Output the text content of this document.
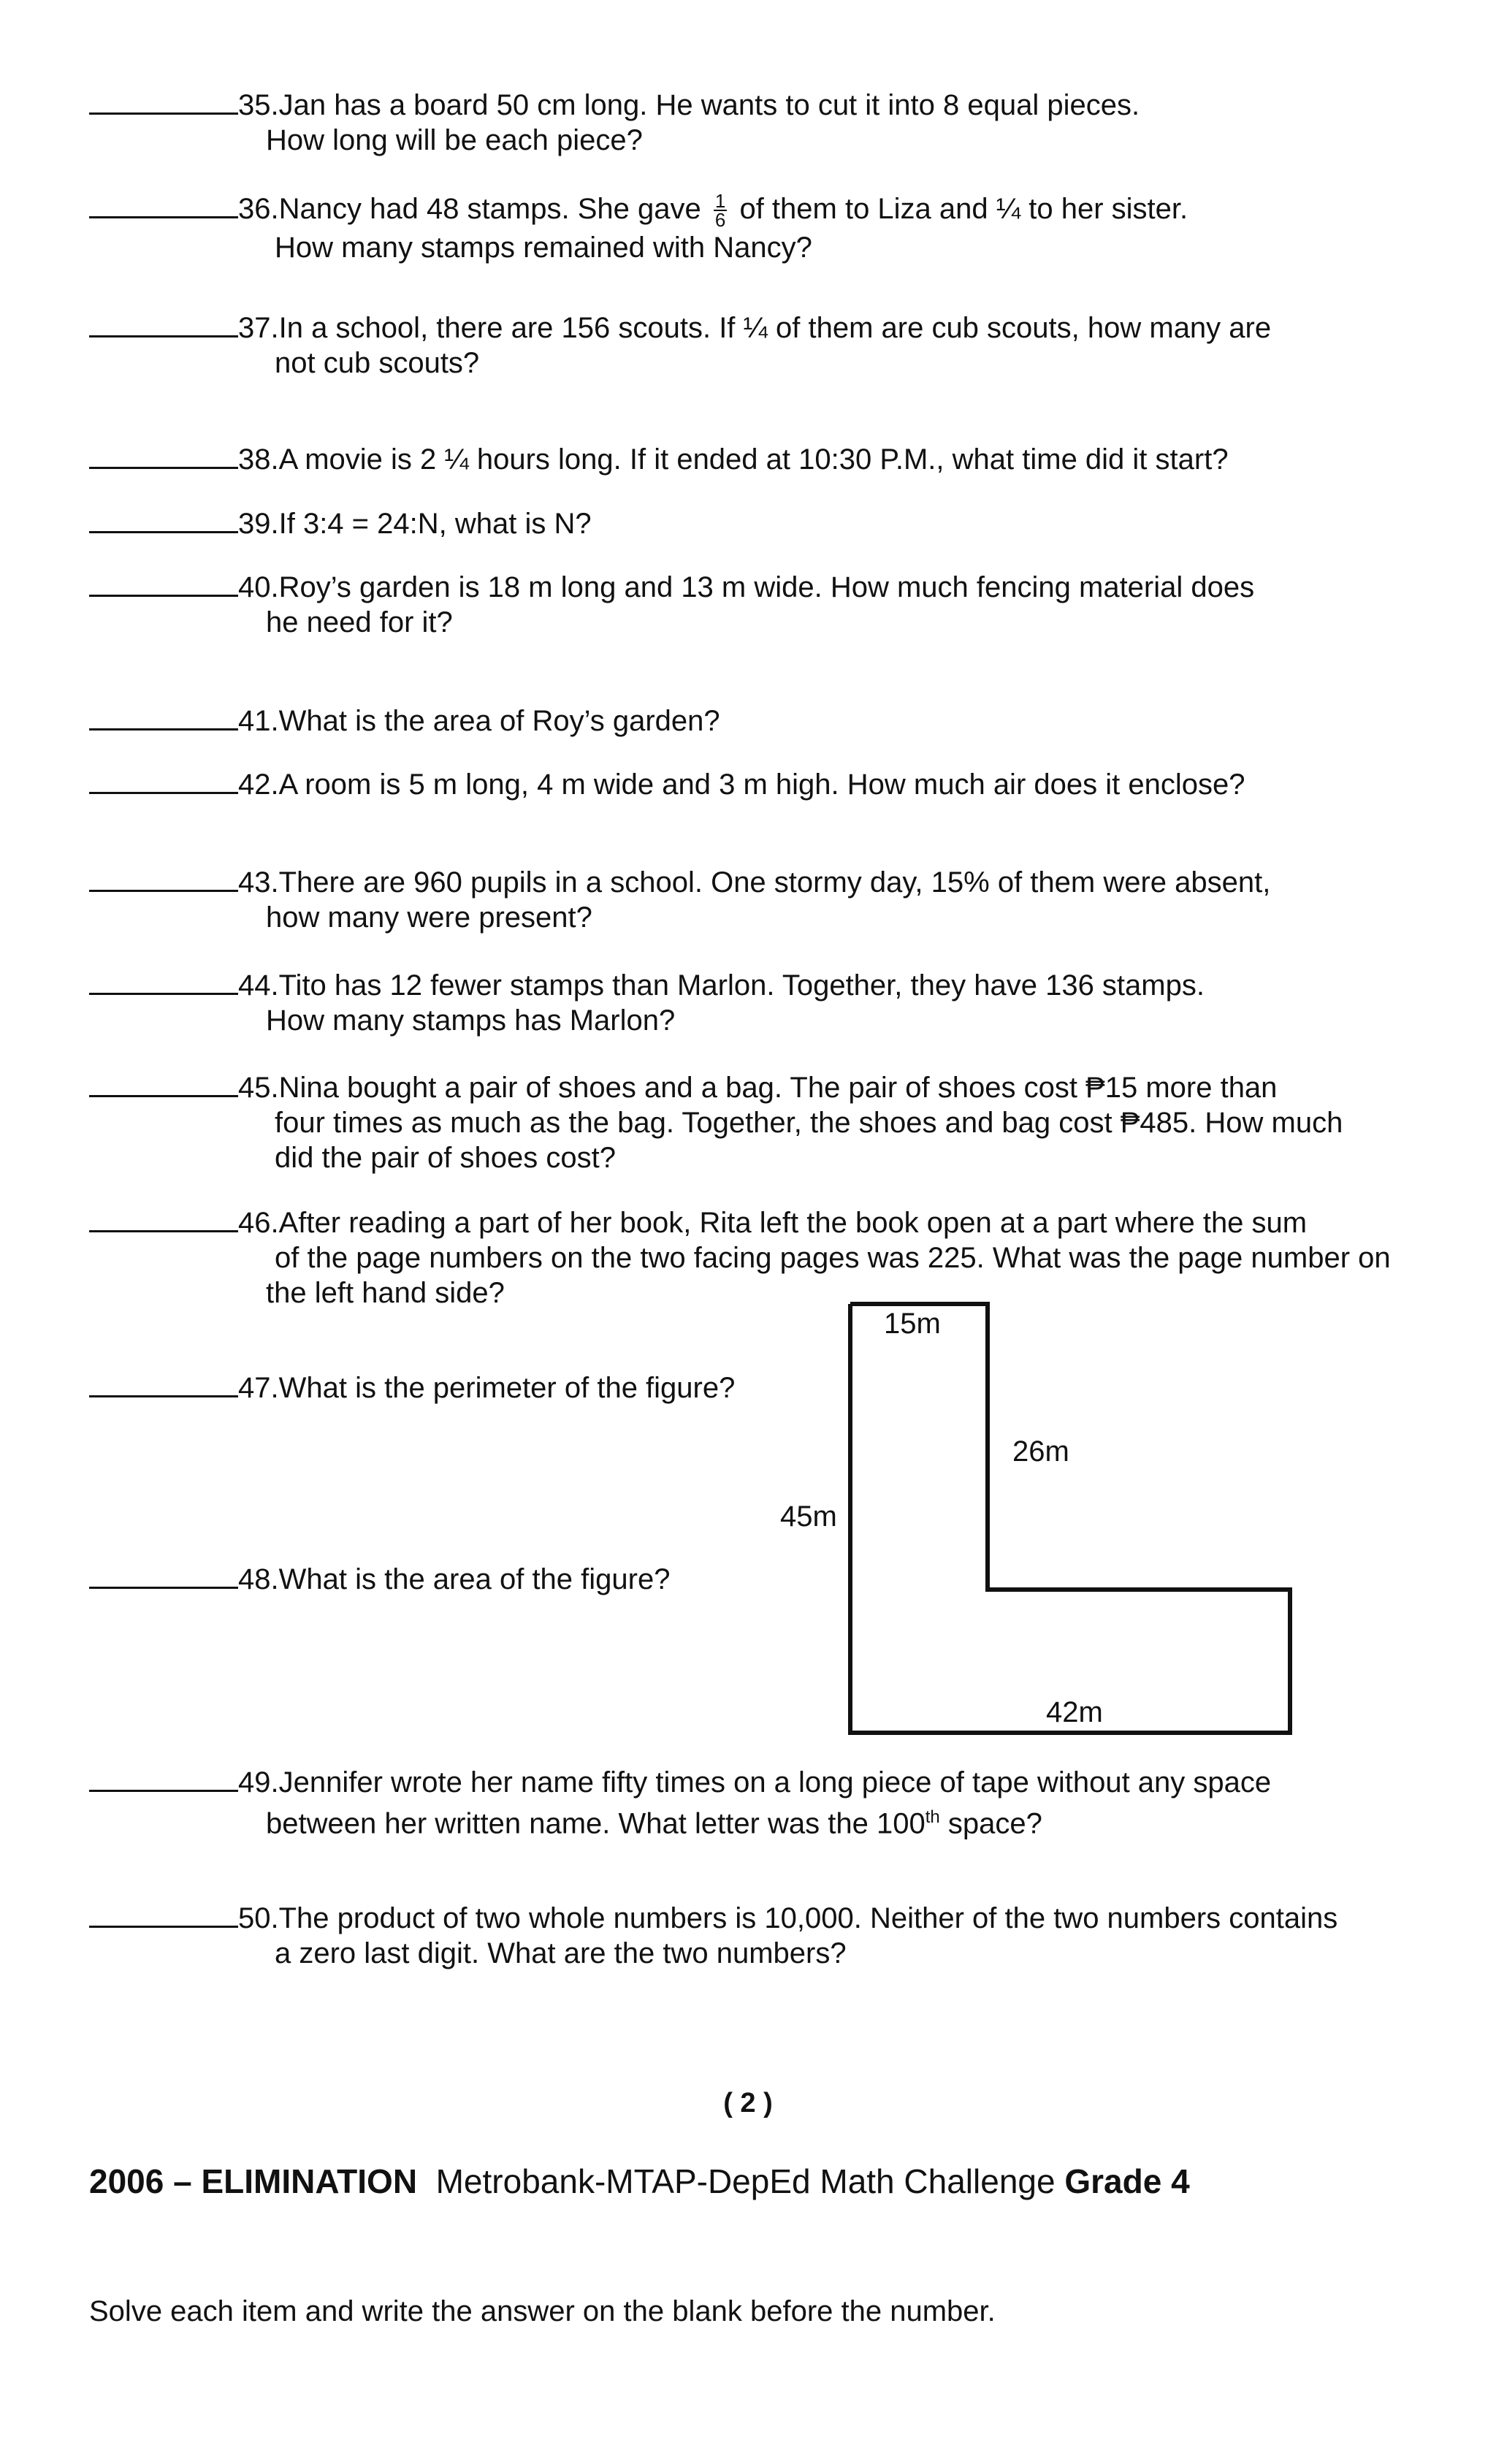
35.Jan has a board 50 cm long. He wants to cut it into 8 equal pieces.
How long will be each piece?
36.Nancy had 48 stamps. She gave $\frac{1}{6}$ of them to Liza and ¼ to her sister.
How many stamps remained with Nancy?
37.In a school, there are 156 scouts. If ¼ of them are cub scouts, how many are
not cub scouts?
38.A movie is 2 ¼ hours long. If it ended at 10:30 P.M., what time did it start?
39.If 3:4 = 24:N, what is N?
40.Roy’s garden is 18 m long and 13 m wide. How much fencing material does
he need for it?
41.What is the area of Roy’s garden?
42.A room is 5 m long, 4 m wide and 3 m high. How much air does it enclose?
43.There are 960 pupils in a school. One stormy day, 15% of them were absent,
how many were present?
44.Tito has 12 fewer stamps than Marlon. Together, they have 136 stamps.
How many stamps has Marlon?
45.Nina bought a pair of shoes and a bag. The pair of shoes cost ₱15 more than
four times as much as the bag. Together, the shoes and bag cost ₱485. How much
did the pair of shoes cost?
46.After reading a part of her book, Rita left the book open at a part where the sum
of the page numbers on the two facing pages was 225. What was the page number on
the left hand side?
47.What is the perimeter of the figure?
48.What is the area of the figure?
15m
26m
45m
42m
49.Jennifer wrote her name fifty times on a long piece of tape without any space
between her written name. What letter was the 100th space?
50.The product of two whole numbers is 10,000. Neither of the two numbers contains
a zero last digit. What are the two numbers?
( 2 )
2006 – ELIMINATION Metrobank-MTAP-DepEd Math Challenge Grade 4
Solve each item and write the answer on the blank before the number.
